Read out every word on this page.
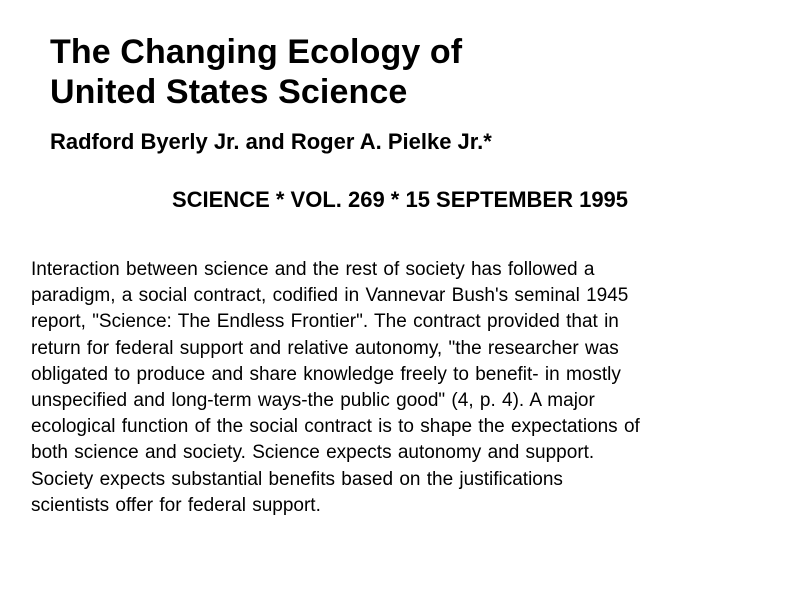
The Changing Ecology of
United States Science

Radford Byerly Jr. and Roger A. Pielke Jr.*

SCIENCE * VOL. 269 * 15 SEPTEMBER 1995

Interaction between science and the rest of society has followed a
paradigm, a social contract, codified in Vannevar Bush's seminal 1945
report, "Science: The Endless Frontier". The contract provided that in
return for federal support and relative autonomy, "the researcher was
obligated to produce and share knowledge freely to benefit- in mostly
unspecified and long-term ways-the public good" (4, p. 4). A major
ecological function of the social contract is to shape the expectations of
both science and society. Science expects autonomy and support.
Society expects substantial benefits based on the justifications
scientists offer for federal support.
